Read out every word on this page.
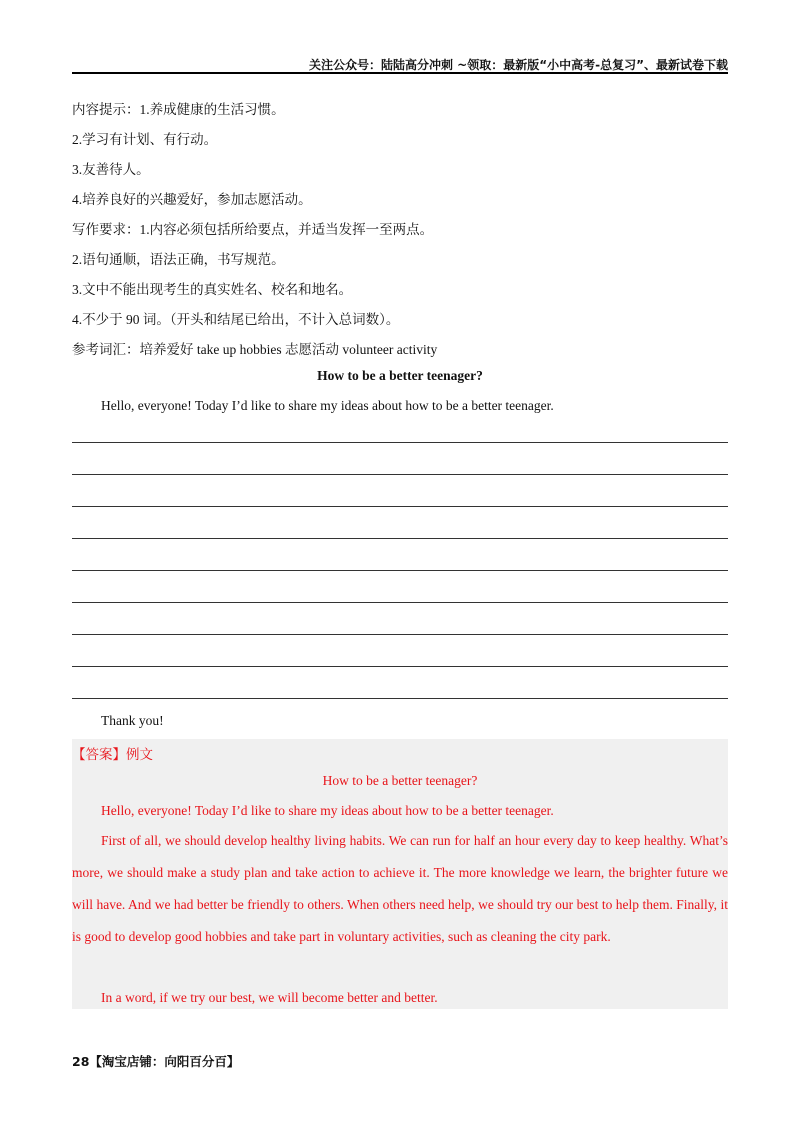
关注公众号：陆陆高分冲刺 ~领取：最新版“小中高考-总复习”、最新试卷下载
内容提示：1.养成健康的生活习惯。
2.学习有计划、有行动。
3.友善待人。
4.培养良好的兴趣爱好，参加志愿活动。
写作要求：1.内容必须包括所给要点，并适当发挥一至两点。
2.语句通顺，语法正确，书写规范。
3.文中不能出现考生的真实姓名、校名和地名。
4.不少于 90 词。（开头和结尾已给出，不计入总词数）。
参考词汇：培养爱好 take up hobbies 志愿活动 volunteer activity
How to be a better teenager?
Hello, everyone! Today I’d like to share my ideas about how to be a better teenager.
Thank you!
【答案】例文
How to be a better teenager?
Hello, everyone! Today I’d like to share my ideas about how to be a better teenager.
First of all, we should develop healthy living habits. We can run for half an hour every day to keep healthy. What’s more, we should make a study plan and take action to achieve it. The more knowledge we learn, the brighter future we will have. And we had better be friendly to others. When others need help, we should try our best to help them. Finally, it is good to develop good hobbies and take part in voluntary activities, such as cleaning the city park.
In a word, if we try our best, we will become better and better.
28【淘宝店铺：向阳百分百】
